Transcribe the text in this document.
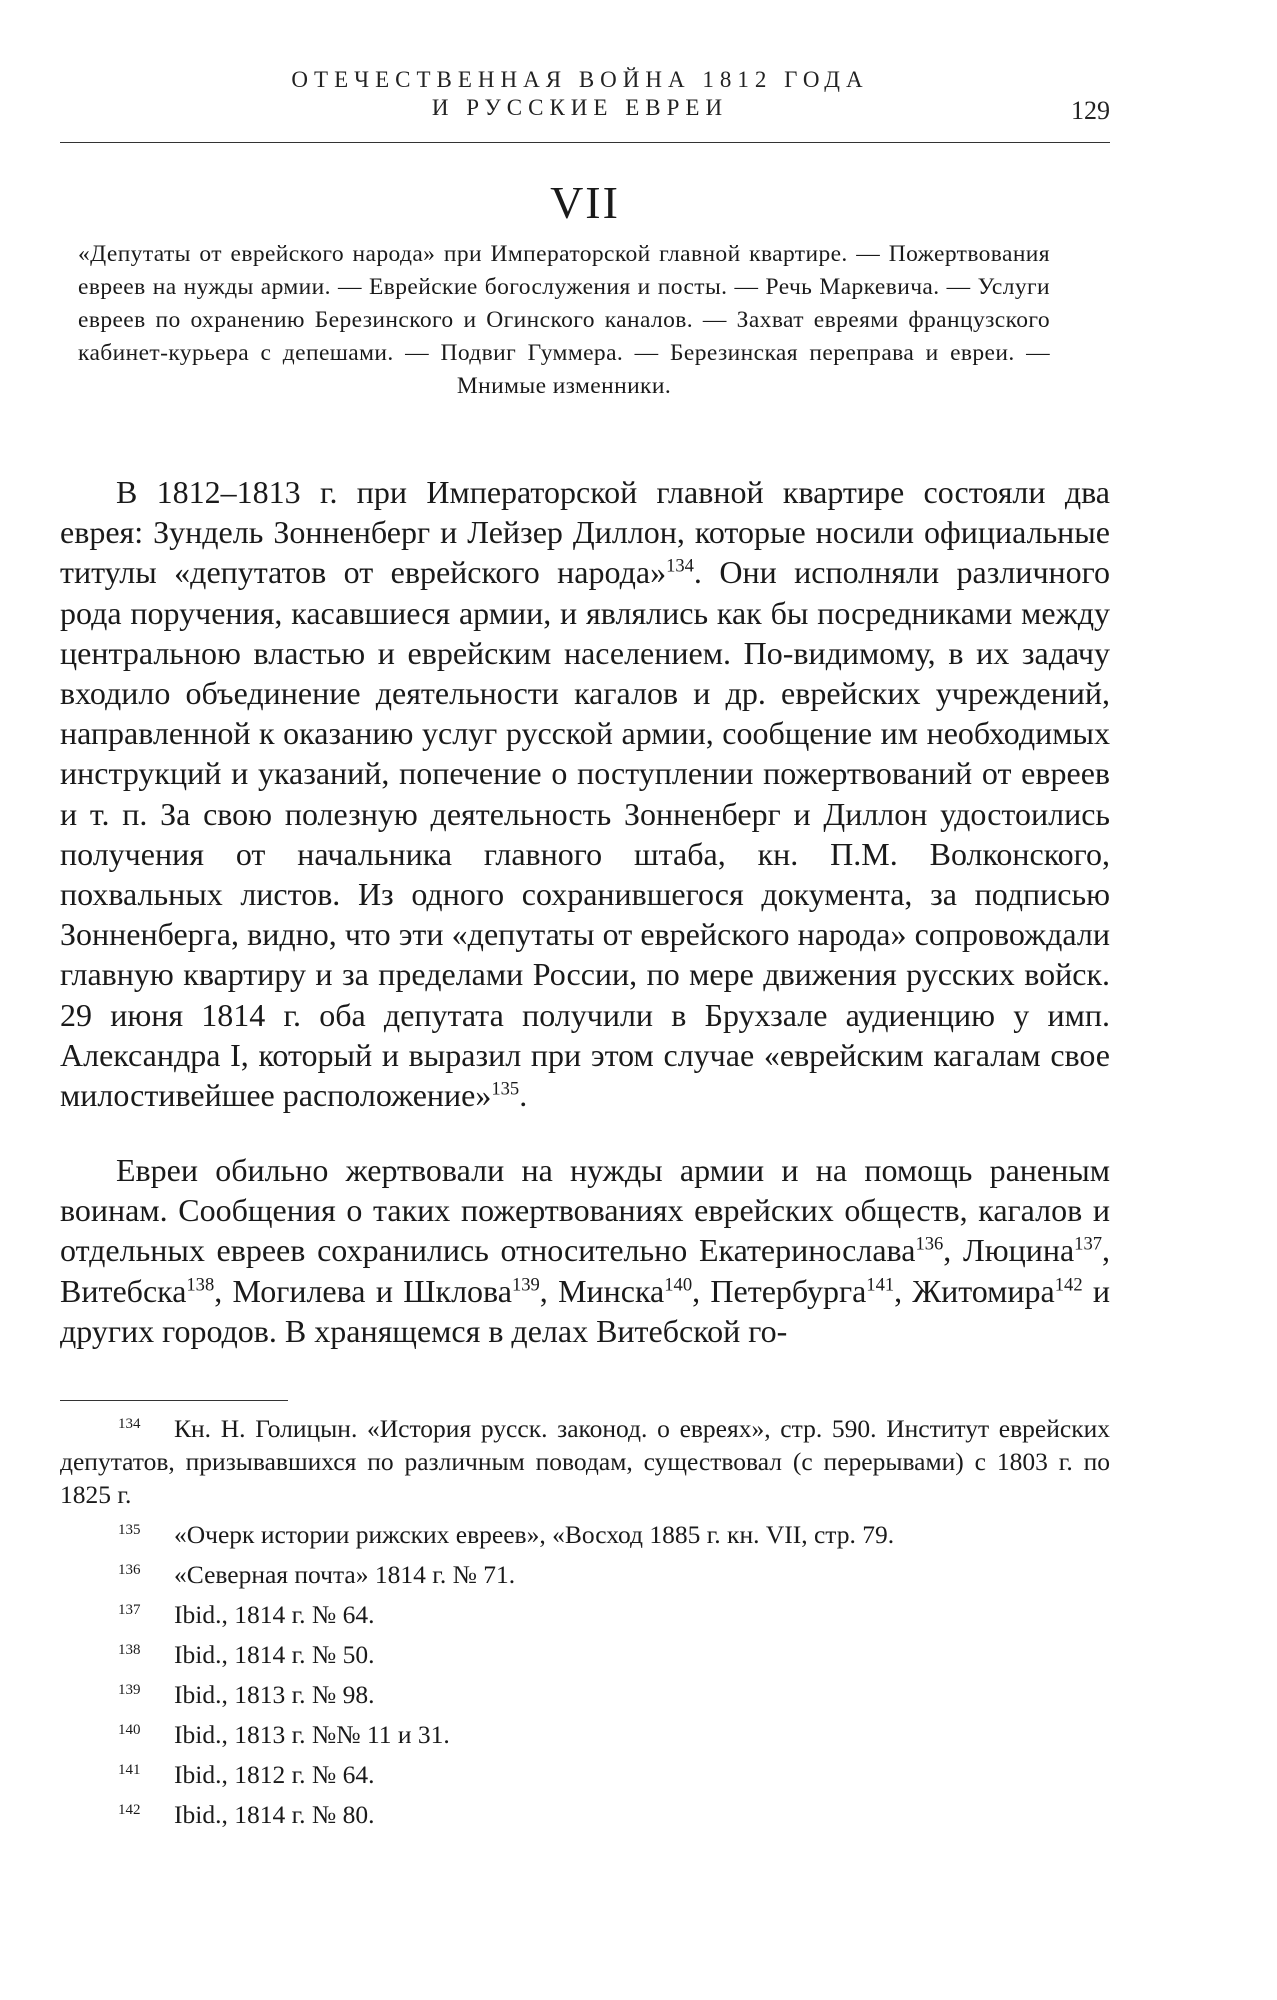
ОТЕЧЕСТВЕННАЯ ВОЙНА 1812 ГОДА
И РУССКИЕ ЕВРЕИ	129
VII
«Депутаты от еврейского народа» при Императорской главной квартире. — Пожертвования евреев на нужды армии. — Еврейские богослужения и посты. — Речь Маркевича. — Услуги евреев по охранению Березинского и Огинского каналов. — Захват евреями французского кабинет-курьера с депешами. — Подвиг Гуммера. — Березинская переправа и евреи. — Мнимые изменники.

В 1812–1813 г. при Императорской главной квартире состояли два еврея: Зундель Зонненберг и Лейзер Диллон, которые носили официальные титулы «депутатов от еврейского народа»$^{134}$. Они исполняли различного рода поручения, касавшиеся армии, и являлись как бы посредниками между центральною властью и еврейским населением. По-видимому, в их задачу входило объединение деятельности кагалов и др. еврейских учреждений, направленной к оказанию услуг русской армии, сообщение им необходимых инструкций и указаний, попечение о поступлении пожертвований от евреев и т. п. За свою полезную деятельность Зонненберг и Диллон удостоились получения от начальника главного штаба, кн. П.М. Волконского, похвальных листов. Из одного сохранившегося документа, за подписью Зонненберга, видно, что эти «депутаты от еврейского народа» сопровождали главную квартиру и за пределами России, по мере движения русских войск. 29 июня 1814 г. оба депутата получили в Брухзале аудиенцию у имп. Александра I, который и выразил при этом случае «еврейским кагалам свое милостивейшее расположение»$^{135}$.

Евреи обильно жертвовали на нужды армии и на помощь раненым воинам. Сообщения о таких пожертвованиях еврейских обществ, кагалов и отдельных евреев сохранились относительно Екатеринослава$^{136}$, Люцина$^{137}$, Витебска$^{138}$, Могилева и Шклова$^{139}$, Минска$^{140}$, Петербурга$^{141}$, Житомира$^{142}$ и других городов. В хранящемся в делах Витебской го-

134 Кн. Н. Голицын. «История русск. законод. о евреях», стр. 590. Институт еврейских депутатов, призывавшихся по различным поводам, существовал (с перерывами) с 1803 г. по 1825 г.

135 «Очерк истории рижских евреев», «Восход 1885 г. кн. VII, стр. 79.

136 «Северная почта» 1814 г. № 71.

137 Ibid., 1814 г. № 64.

138 Ibid., 1814 г. № 50.

139 Ibid., 1813 г. № 98.

140 Ibid., 1813 г. №№ 11 и 31.

141 Ibid., 1812 г. № 64.

142 Ibid., 1814 г. № 80.
